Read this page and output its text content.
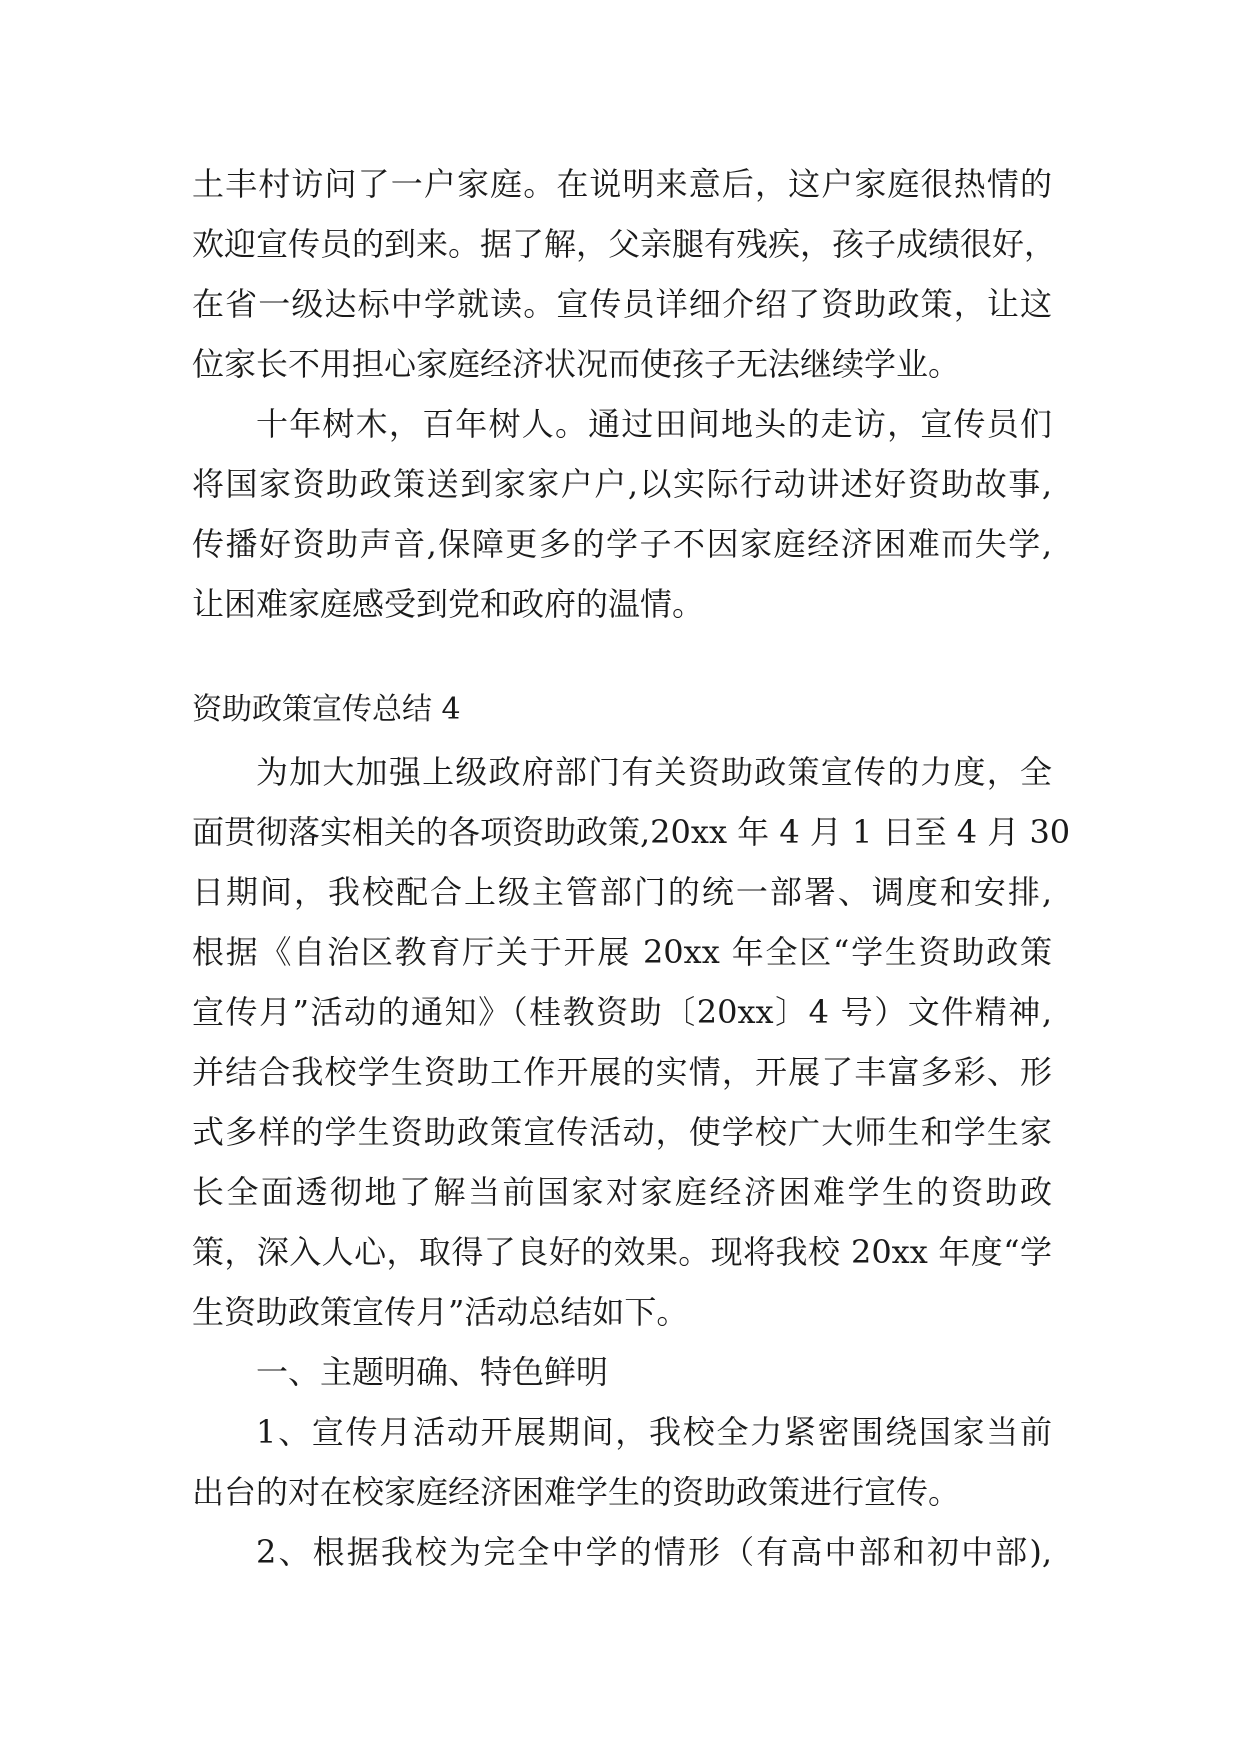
土丰村访问了一户家庭。在说明来意后，这户家庭很热情的
欢迎宣传员的到来。据了解，父亲腿有残疾，孩子成绩很好，
在省一级达标中学就读。宣传员详细介绍了资助政策，让这
位家长不用担心家庭经济状况而使孩子无法继续学业。
十年树木，百年树人。通过田间地头的走访，宣传员们
将国家资助政策送到家家户户,以实际行动讲述好资助故事,
传播好资助声音,保障更多的学子不因家庭经济困难而失学,
让困难家庭感受到党和政府的温情。
资助政策宣传总结 4
为加大加强上级政府部门有关资助政策宣传的力度，全
面贯彻落实相关的各项资助政策,20xx 年 4 月 1 日至 4 月 30
日期间，我校配合上级主管部门的统一部署、调度和安排,
根据《自治区教育厅关于开展 20xx 年全区“学生资助政策
宣传月”活动的通知》（桂教资助〔20xx〕4 号）文件精神,
并结合我校学生资助工作开展的实情，开展了丰富多彩、形
式多样的学生资助政策宣传活动，使学校广大师生和学生家
长全面透彻地了解当前国家对家庭经济困难学生的资助政
策，深入人心，取得了良好的效果。现将我校 20xx 年度“学
生资助政策宣传月”活动总结如下。
一、主题明确、特色鲜明
1、宣传月活动开展期间，我校全力紧密围绕国家当前
出台的对在校家庭经济困难学生的资助政策进行宣传。
2、根据我校为完全中学的情形（有高中部和初中部),
